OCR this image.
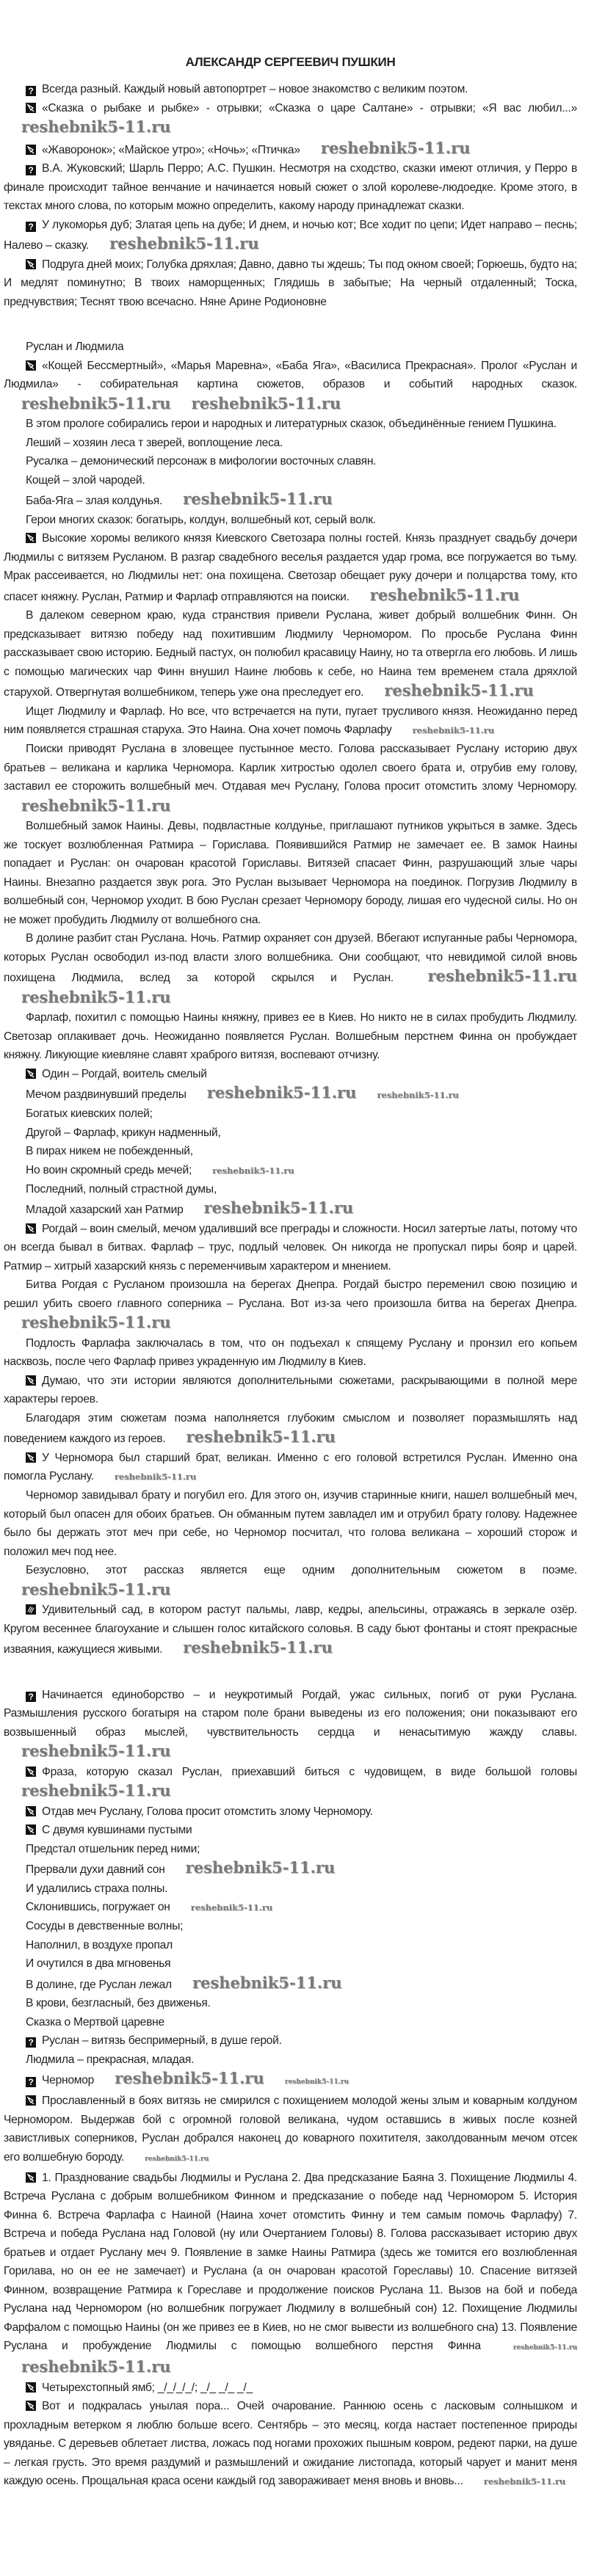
АЛЕКСАНДР СЕРГЕЕВИЧ ПУШКИН

? Всегда разный. Каждый новый автопортрет – новое знакомство с великим поэтом.

«Сказка о рыбаке и рыбке» - отрывки; «Сказка о царе Салтане» - отрывки; «Я вас любил...» reshebnik5-11.ru

«Жаворонок»; «Майское утро»; «Ночь»; «Птичка» reshebnik5-11.ru

? В.А. Жуковский; Шарль Перро; А.С. Пушкин. Несмотря на сходство, сказки имеют отличия, у Перро в финале происходит тайное венчание и начинается новый сюжет о злой королеве-людоедке. Кроме этого, в текстах много слова, по которым можно определить, какому народу принадлежат сказки.

? У лукоморья дуб; Златая цепь на дубе; И днем, и ночью кот; Все ходит по цепи; Идет направо – песнь; Налево – сказку. reshebnik5-11.ru

Подруга дней моих; Голубка дряхлая; Давно, давно ты ждешь; Ты под окном своей; Горюешь, будто на; И медлят поминутно; В твоих наморщенных; Глядишь в забытые; На черный отдаленный; Тоска, предчувствия; Теснят твою всечасно. Няне Арине Родионовне

Руслан и Людмила

«Кощей Бессмертный», «Марья Маревна», «Баба Яга», «Василиса Прекрасная». Пролог «Руслан и Людмила» - собирательная картина сюжетов, образов и событий народных сказок. reshebnik5-11.ru reshebnik5-11.ru

В этом прологе собирались герои и народных и литературных сказок, объединённые гением Пушкина.

Леший – хозяин леса т зверей, воплощение леса.

Русалка – демонический персонаж в мифологии восточных славян.

Кощей – злой чародей.

Баба-Яга – злая колдунья. reshebnik5-11.ru

Герои многих сказок: богатырь, колдун, волшебный кот, серый волк.

Высокие хоромы великого князя Киевского Светозара полны гостей. Князь празднует свадьбу дочери Людмилы с витязем Русланом. В разгар свадебного веселья раздается удар грома, все погружается во тьму. Мрак рассеивается, но Людмилы нет: она похищена. Светозар обещает руку дочери и полцарства тому, кто спасет княжну. Руслан, Ратмир и Фарлаф отправляются на поиски. reshebnik5-11.ru

В далеком северном краю, куда странствия привели Руслана, живет добрый волшебник Финн. Он предсказывает витязю победу над похитившим Людмилу Черномором. По просьбе Руслана Финн рассказывает свою историю. Бедный пастух, он полюбил красавицу Наину, но та отвергла его любовь. И лишь с помощью магических чар Финн внушил Наине любовь к себе, но Наина тем временем стала дряхлой старухой. Отвергнутая волшебником, теперь уже она преследует его. reshebnik5-11.ru

Ищет Людмилу и Фарлаф. Но все, что встречается на пути, пугает трусливого князя. Неожиданно перед ним появляется страшная старуха. Это Наина. Она хочет помочь Фарлафу reshebnik5-11.ru

Поиски приводят Руслана в зловещее пустынное место. Голова рассказывает Руслану историю двух братьев – великана и карлика Черномора. Карлик хитростью одолел своего брата и, отрубив ему голову, заставил ее сторожить волшебный меч. Отдавая меч Руслану, Голова просит отомстить злому Черномору. reshebnik5-11.ru

Волшебный замок Наины. Девы, подвластные колдунье, приглашают путников укрыться в замке. Здесь же тоскует возлюбленная Ратмира – Горислава. Появившийся Ратмир не замечает ее. В замок Наины попадает и Руслан: он очарован красотой Гориславы. Витязей спасает Финн, разрушающий злые чары Наины. Внезапно раздается звук рога. Это Руслан вызывает Черномора на поединок. Погрузив Людмилу в волшебный сон, Черномор уходит. В бою Руслан срезает Черномору бороду, лишая его чудесной силы. Но он не может пробудить Людмилу от волшебного сна.

В долине разбит стан Руслана. Ночь. Ратмир охраняет сон друзей. Вбегают испуганные рабы Черномора, которых Руслан освободил из-под власти злого волшебника. Они сообщают, что невидимой силой вновь похищена Людмила, вслед за которой скрылся и Руслан. reshebnik5-11.ru reshebnik5-11.ru

Фарлаф, похитил с помощью Наины княжну, привез ее в Киев. Но никто не в силах пробудить Людмилу. Светозар оплакивает дочь. Неожиданно появляется Руслан. Волшебным перстнем Финна он пробуждает княжну. Ликующие киевляне славят храброго витязя, воспевают отчизну.

Один – Рогдай, воитель смелый
Мечом раздвинувший пределы reshebnik5-11.ru reshebnik5-11.ru
Богатых киевских полей;
Другой – Фарлаф, крикун надменный,
В пирах никем не побежденный,
Но воин скромный средь мечей; reshebnik5-11.ru
Последний, полный страстной думы,
Младой хазарский хан Ратмир reshebnik5-11.ru

Рогдай – воин смелый, мечом удаливший все преграды и сложности. Носил затертые латы, потому что он всегда бывал в битвах. Фарлаф – трус, подлый человек. Он никогда не пропускал пиры бояр и царей. Ратмир – хитрый хазарский князь с переменчивым характером и мнением.

Битва Рогдая с Русланом произошла на берегах Днепра. Рогдай быстро переменил свою позицию и решил убить своего главного соперника – Руслана. Вот из-за чего произошла битва на берегах Днепра. reshebnik5-11.ru

Подлость Фарлафа заключалась в том, что он подъехал к спящему Руслану и пронзил его копьем насквозь, после чего Фарлаф привез украденную им Людмилу в Киев.

Думаю, что эти истории являются дополнительными сюжетами, раскрывающими в полной мере характеры героев.

Благодаря этим сюжетам поэма наполняется глубоким смыслом и позволяет поразмышлять над поведением каждого из героев. reshebnik5-11.ru

У Черномора был старший брат, великан. Именно с его головой встретился Руслан. Именно она помогла Руслану. reshebnik5-11.ru

Черномор завидывал брату и погубил его. Для этого он, изучив старинные книги, нашел волшебный меч, который был опасен для обоих братьев. Он обманным путем завладел им и отрубил брату голову. Надежнее было бы держать этот меч при себе, но Черномор посчитал, что голова великана – хороший сторож и положил меч под нее.

Безусловно, этот рассказ является еще одним дополнительным сюжетом в поэме. reshebnik5-11.ru

Удивительный сад, в котором растут пальмы, лавр, кедры, апельсины, отражаясь в зеркале озёр. Кругом весеннее благоухание и слышен голос китайского соловья. В саду бьют фонтаны и стоят прекрасные изваяния, кажущиеся живыми. reshebnik5-11.ru

? Начинается единоборство – и неукротимый Рогдай, ужас сильных, погиб от руки Руслана. Размышления русского богатыря на старом поле брани выведены из его положения; они показывают его возвышенный образ мыслей, чувствительность сердца и ненасытимую жажду славы. reshebnik5-11.ru

Фраза, которую сказал Руслан, приехавший биться с чудовищем, в виде большой головы reshebnik5-11.ru

Отдав меч Руслану, Голова просит отомстить злому Черномору.

С двумя кувшинами пустыми
Предстал отшельник перед ними;
Прервали духи давний сон reshebnik5-11.ru
И удалились страха полны.
Склонившись, погружает он reshebnik5-11.ru
Сосуды в девственные волны;
Наполнил, в воздухе пропал
И очутился в два мгновенья
В долине, где Руслан лежал reshebnik5-11.ru
В крови, безгласный, без движенья.
Сказка о Мертвой царевне

? Руслан – витязь беспримерный, в душе герой.

Людмила – прекрасная, младая.

? Черномор reshebnik5-11.ru	reshebnik5-11.ru

Прославленный в боях витязь не смирился с похищением молодой жены злым и коварным колдуном Черномором. Выдержав бой с огромной головой великана, чудом оставшись в живых после козней завистливых соперников, Руслан добрался наконец до коварного похитителя, заколдованным мечом отсек его волшебную бороду.	reshebnik5-11.ru

1. Празднование свадьбы Людмилы и Руслана 2. Два предсказание Баяна 3. Похищение Людмилы 4. Встреча Руслана с добрым волшебником Финном и предсказание о победе над Черномором 5. История Финна 6. Встреча Фарлафа с Наиной (Наина хочет отомстить Финну и тем самым помочь Фарлафу) 7. Встреча и победа Руслана над Головой (ну или Очертанием Головы) 8. Голова рассказывает историю двух братьев и отдает Руслану меч 9. Появление в замке Наины Ратмира (здесь же томится его возлюбленная Горилава, но он ее не замечает) и Руслана (а он очарован красотой Гореславы) 10. Спасение витязей Финном, возвращение Ратмира к Гореславе и продолжение поисков Руслана 11. Вызов на бой и победа Руслана над Черномором (но волшебник погружает Людмилу в волшебный сон) 12. Похищение Людмилы Фарфалом с помощью Наины (он же привез ее в Киев, но не смог вывести из волшебного сна) 13. Появление Руслана и пробуждение Людмилы с помощью волшебного перстня Финна	reshebnik5-11.ru reshebnik5-11.ru

Четырехстопный ямб; _/_/_/_/; _/_ _/_ _/_

Вот и подкралась унылая пора... Очей очарование. Раннюю осень с ласковым солнышком и прохладным ветерком я люблю больше всего. Сентябрь – это месяц, когда настает постепенное природы увяданье. С деревьев облетает листва, ложась под ногами прохожих пышным ковром, редеют парки, на душе – легкая грусть. Это время раздумий и размышлений и ожидание листопада, который чарует и манит меня каждую осень. Прощальная краса осени каждый год завораживает меня вновь и вновь... reshebnik5-11.ru
